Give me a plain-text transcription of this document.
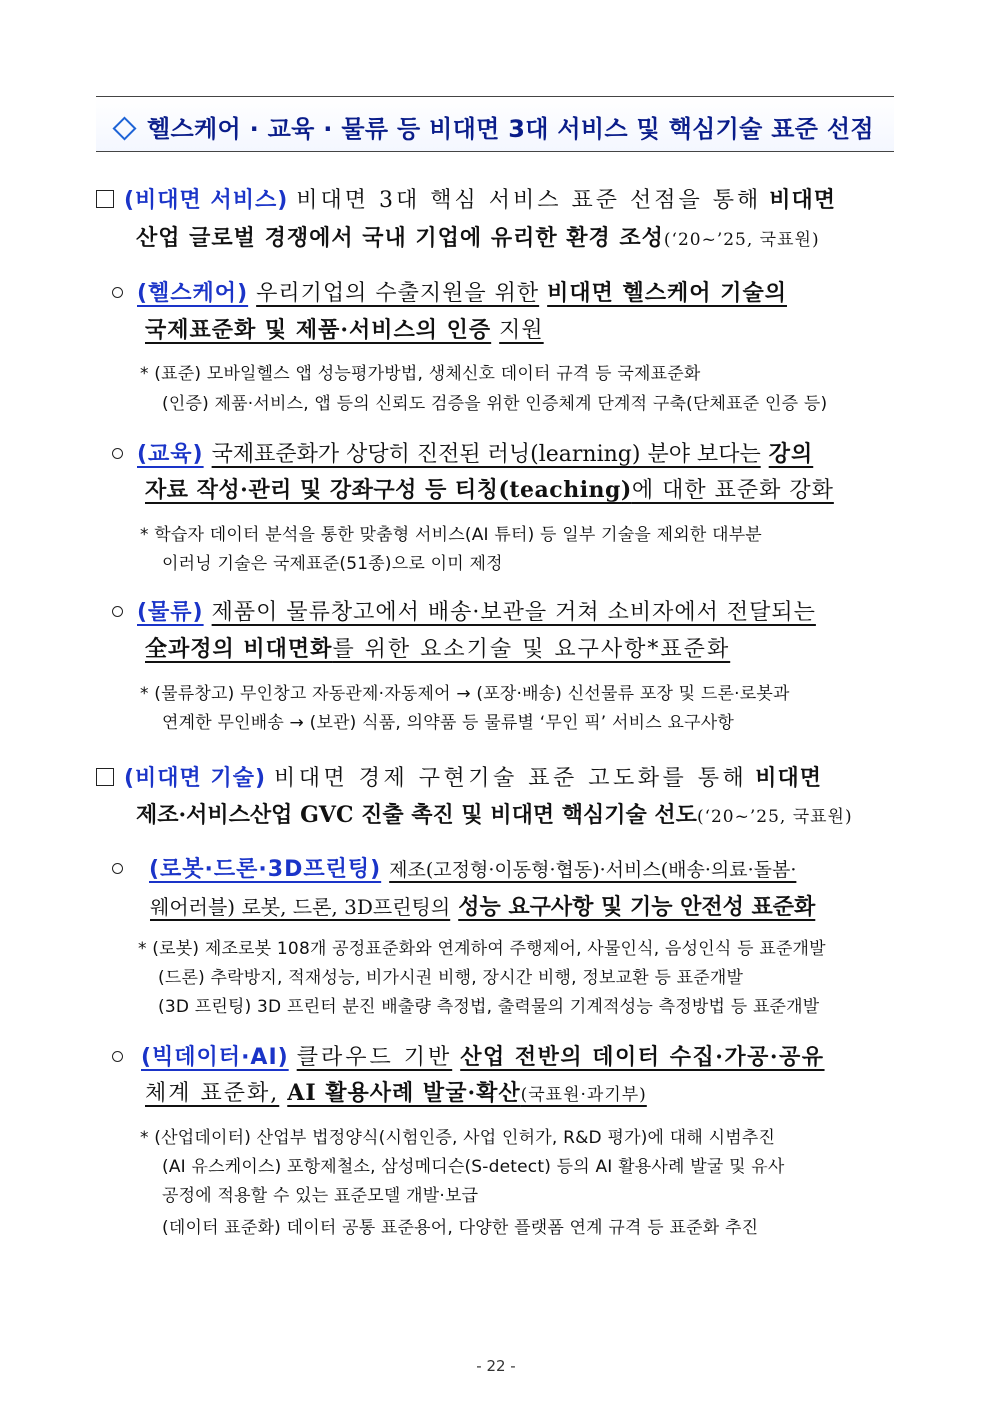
헬스케어 · 교육 · 물류 등 비대면 3대 서비스 및 핵심기술 표준 선점
(비대면 서비스) 비대면 3대 핵심 서비스 표준 선점을 통해 비대면
산업 글로벌 경쟁에서 국내 기업에 유리한 환경 조성(‘20~’25, 국표원)
(헬스케어) 우리기업의 수출지원을 위한 비대면 헬스케어 기술의
국제표준화 및 제품·서비스의 인증 지원
* (표준) 모바일헬스 앱 성능평가방법, 생체신호 데이터 규격 등 국제표준화
(인증) 제품·서비스, 앱 등의 신뢰도 검증을 위한 인증체계 단계적 구축(단체표준 인증 등)
(교육) 국제표준화가 상당히 진전된 러닝(learning) 분야 보다는 강의
자료 작성·관리 및 강좌구성 등 티칭(teaching)에 대한 표준화 강화
* 학습자 데이터 분석을 통한 맞춤형 서비스(AI 튜터) 등 일부 기술을 제외한 대부분
이러닝 기술은 국제표준(51종)으로 이미 제정
(물류) 제품이 물류창고에서 배송·보관을 거쳐 소비자에서 전달되는
全과정의 비대면화를 위한 요소기술 및 요구사항*표준화
* (물류창고) 무인창고 자동관제·자동제어 → (포장·배송) 신선물류 포장 및 드론·로봇과
연계한 무인배송 → (보관) 식품, 의약품 등 물류별 ‘무인 픽’ 서비스 요구사항
(비대면 기술) 비대면 경제 구현기술 표준 고도화를 통해 비대면
제조·서비스산업 GVC 진출 촉진 및 비대면 핵심기술 선도(‘20~’25, 국표원)
(로봇·드론·3D프린팅) 제조(고정형·이동형·협동)·서비스(배송·의료·돌봄·
웨어러블) 로봇, 드론, 3D프린팅의 성능 요구사항 및 기능 안전성 표준화
* (로봇) 제조로봇 108개 공정표준화와 연계하여 주행제어, 사물인식, 음성인식 등 표준개발
(드론) 추락방지, 적재성능, 비가시권 비행, 장시간 비행, 정보교환 등 표준개발
(3D 프린팅) 3D 프린터 분진 배출량 측정법, 출력물의 기계적성능 측정방법 등 표준개발
(빅데이터·AI) 클라우드 기반 산업 전반의 데이터 수집·가공·공유
체계 표준화, AI 활용사례 발굴·확산(국표원·과기부)
* (산업데이터) 산업부 법정양식(시험인증, 사업 인허가, R&D 평가)에 대해 시범추진
(AI 유스케이스) 포항제철소, 삼성메디슨(S-detect) 등의 AI 활용사례 발굴 및 유사
공정에 적용할 수 있는 표준모델 개발·보급
(데이터 표준화) 데이터 공통 표준용어, 다양한 플랫폼 연계 규격 등 표준화 추진
- 22 -
